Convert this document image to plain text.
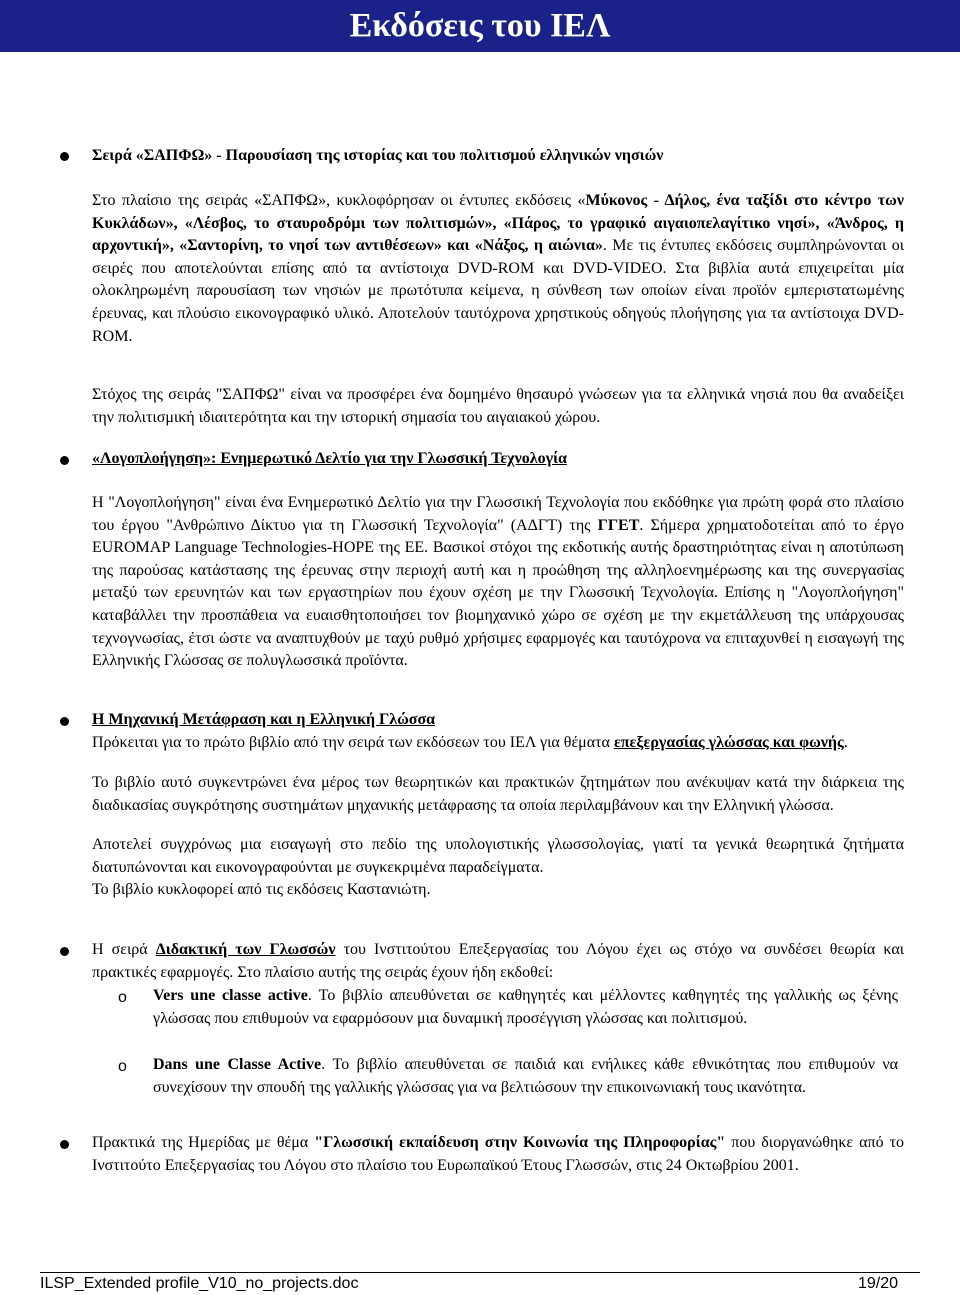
Εκδόσεις του ΙΕΛ

Σειρά «ΣΑΠΦΩ» - Παρουσίαση της ιστορίας και του πολιτισμού ελληνικών νησιών

Στο πλαίσιο της σειράς «ΣΑΠΦΩ», κυκλοφόρησαν οι έντυπες εκδόσεις «Μύκονος - Δήλος, ένα ταξίδι στο κέντρο των Κυκλάδων», «Λέσβος, το σταυροδρόμι των πολιτισμών», «Πάρος, το γραφικό αιγαιοπελαγίτικο νησί», «Άνδρος, η αρχοντική», «Σαντορίνη, το νησί των αντιθέσεων» και «Νάξος, η αιώνια». Με τις έντυπες εκδόσεις συμπληρώνονται οι σειρές που αποτελούνται επίσης από τα αντίστοιχα DVD-ROM και DVD-VIDEO. Στα βιβλία αυτά επιχειρείται μία ολοκληρωμένη παρουσίαση των νησιών με πρωτότυπα κείμενα, η σύνθεση των οποίων είναι προϊόν εμπεριστατωμένης έρευνας, και πλούσιο εικονογραφικό υλικό. Αποτελούν ταυτόχρονα χρηστικούς οδηγούς πλοήγησης για τα αντίστοιχα DVD-ROM.

Στόχος της σειράς "ΣΑΠΦΩ" είναι να προσφέρει ένα δομημένο θησαυρό γνώσεων για τα ελληνικά νησιά που θα αναδείξει την πολιτισμική ιδιαιτερότητα και την ιστορική σημασία του αιγαιακού χώρου.

«Λογοπλοήγηση»: Ενημερωτικό Δελτίο για την Γλωσσική Τεχνολογία

Η "Λογοπλοήγηση" είναι ένα Ενημερωτικό Δελτίο για την Γλωσσική Τεχνολογία που εκδόθηκε για πρώτη φορά στο πλαίσιο του έργου "Ανθρώπινο Δίκτυο για τη Γλωσσική Τεχνολογία" (ΑΔΓΤ) της ΓΓΕΤ. Σήμερα χρηματοδοτείται από το έργο EUROMAP Language Technologies-HOPE της ΕΕ. Βασικοί στόχοι της εκδοτικής αυτής δραστηριότητας είναι η αποτύπωση της παρούσας κατάστασης της έρευνας στην περιοχή αυτή και η προώθηση της αλληλοενημέρωσης και της συνεργασίας μεταξύ των ερευνητών και των εργαστηρίων που έχουν σχέση με την Γλωσσική Τεχνολογία. Επίσης η "Λογοπλοήγηση" καταβάλλει την προσπάθεια να ευαισθητοποιήσει τον βιομηχανικό χώρο σε σχέση με την εκμετάλλευση της υπάρχουσας τεχνογνωσίας, έτσι ώστε να αναπτυχθούν με ταχύ ρυθμό χρήσιμες εφαρμογές και ταυτόχρονα να επιταχυνθεί η εισαγωγή της Ελληνικής Γλώσσας σε πολυγλωσσικά προϊόντα.

Η Μηχανική Μετάφραση και η Ελληνική Γλώσσα

Πρόκειται για το πρώτο βιβλίο από την σειρά των εκδόσεων του ΙΕΛ για θέματα επεξεργασίας γλώσσας και φωνής.

Το βιβλίο αυτό συγκεντρώνει ένα μέρος των θεωρητικών και πρακτικών ζητημάτων που ανέκυψαν κατά την διάρκεια της διαδικασίας συγκρότησης συστημάτων μηχανικής μετάφρασης τα οποία περιλαμβάνουν και την Ελληνική γλώσσα.

Αποτελεί συγχρόνως μια εισαγωγή στο πεδίο της υπολογιστικής γλωσσολογίας, γιατί τα γενικά θεωρητικά ζητήματα διατυπώνονται και εικονογραφούνται με συγκεκριμένα παραδείγματα.

Το βιβλίο κυκλοφορεί από τις εκδόσεις Καστανιώτη.

Η σειρά Διδακτική των Γλωσσών του Ινστιτούτου Επεξεργασίας του Λόγου έχει ως στόχο να συνδέσει θεωρία και πρακτικές εφαρμογές. Στο πλαίσιο αυτής της σειράς έχουν ήδη εκδοθεί:

o Vers une classe active. Το βιβλίο απευθύνεται σε καθηγητές και μέλλοντες καθηγητές της γαλλικής ως ξένης γλώσσας που επιθυμούν να εφαρμόσουν μια δυναμική προσέγγιση γλώσσας και πολιτισμού.

o Dans une Classe Active. Το βιβλίο απευθύνεται σε παιδιά και ενήλικες κάθε εθνικότητας που επιθυμούν να συνεχίσουν την σπουδή της γαλλικής γλώσσας για να βελτιώσουν την επικοινωνιακή τους ικανότητα.

Πρακτικά της Ημερίδας με θέμα "Γλωσσική εκπαίδευση στην Κοινωνία της Πληροφορίας" που διοργανώθηκε από το Ινστιτούτο Επεξεργασίας του Λόγου στο πλαίσιο του Ευρωπαϊκού Έτους Γλωσσών, στις 24 Οκτωβρίου 2001.

ILSP_Extended profile_V10_no_projects.doc	19/20
